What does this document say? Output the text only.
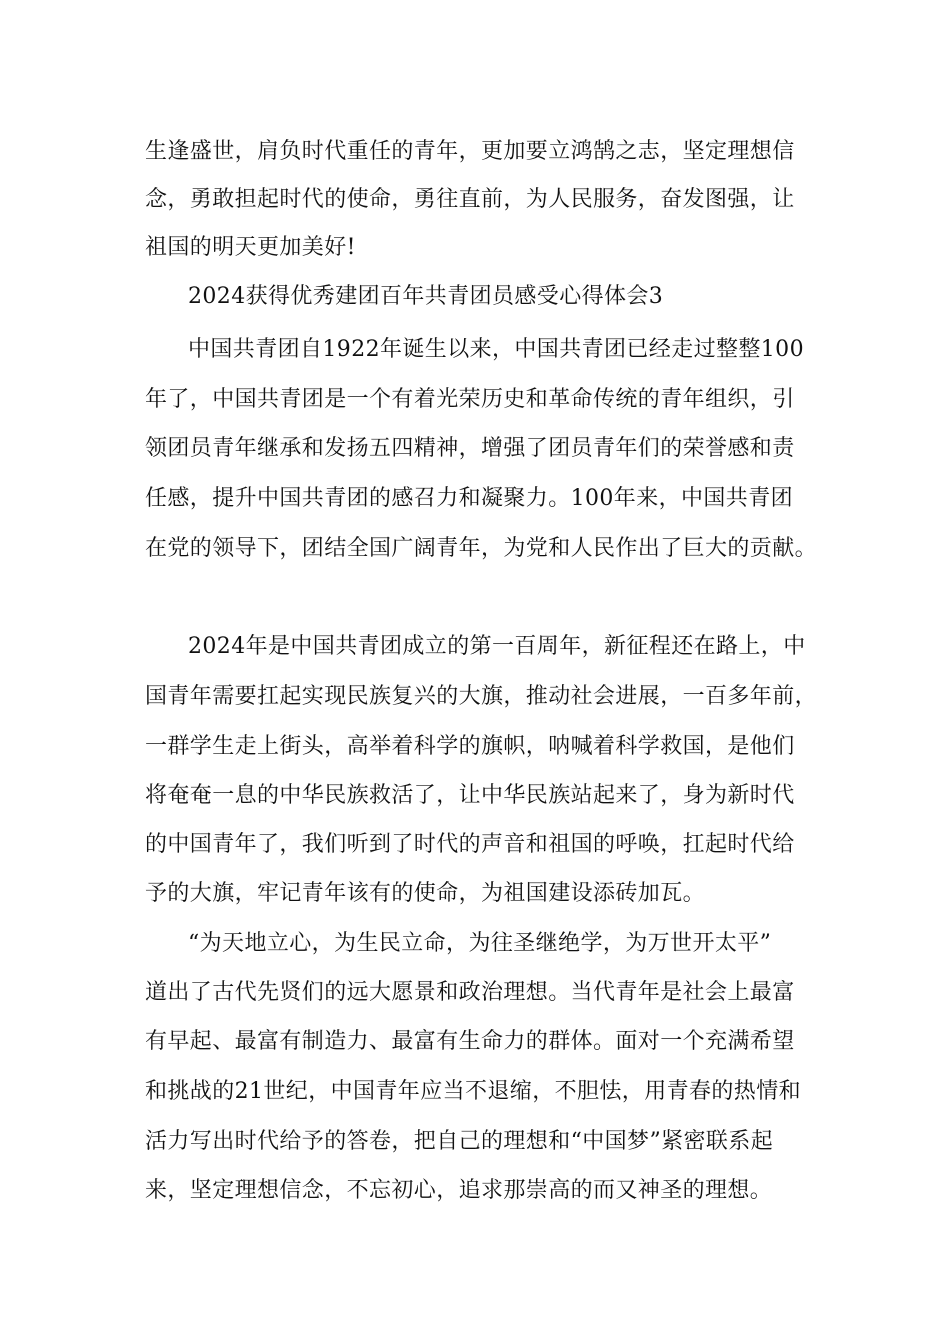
生逢盛世，肩负时代重任的青年，更加要立鸿鹄之志，坚定理想信
念，勇敢担起时代的使命，勇往直前，为人民服务，奋发图强，让
祖国的明天更加美好!
2024获得优秀建团百年共青团员感受心得体会3
中国共青团自1922年诞生以来，中国共青团已经走过整整100
年了，中国共青团是一个有着光荣历史和革命传统的青年组织，引
领团员青年继承和发扬五四精神，增强了团员青年们的荣誉感和责
任感，提升中国共青团的感召力和凝聚力。100年来，中国共青团
在党的领导下，团结全国广阔青年，为党和人民作出了巨大的贡献。
2024年是中国共青团成立的第一百周年，新征程还在路上，中
国青年需要扛起实现民族复兴的大旗，推动社会进展，一百多年前，
一群学生走上街头，高举着科学的旗帜，呐喊着科学救国，是他们
将奄奄一息的中华民族救活了，让中华民族站起来了，身为新时代
的中国青年了，我们听到了时代的声音和祖国的呼唤，扛起时代给
予的大旗，牢记青年该有的使命，为祖国建设添砖加瓦。
“为天地立心，为生民立命，为往圣继绝学，为万世开太平”
道出了古代先贤们的远大愿景和政治理想。当代青年是社会上最富
有早起、最富有制造力、最富有生命力的群体。面对一个充满希望
和挑战的21世纪，中国青年应当不退缩，不胆怯，用青春的热情和
活力写出时代给予的答卷，把自己的理想和“中国梦”紧密联系起
来，坚定理想信念，不忘初心，追求那崇高的而又神圣的理想。
